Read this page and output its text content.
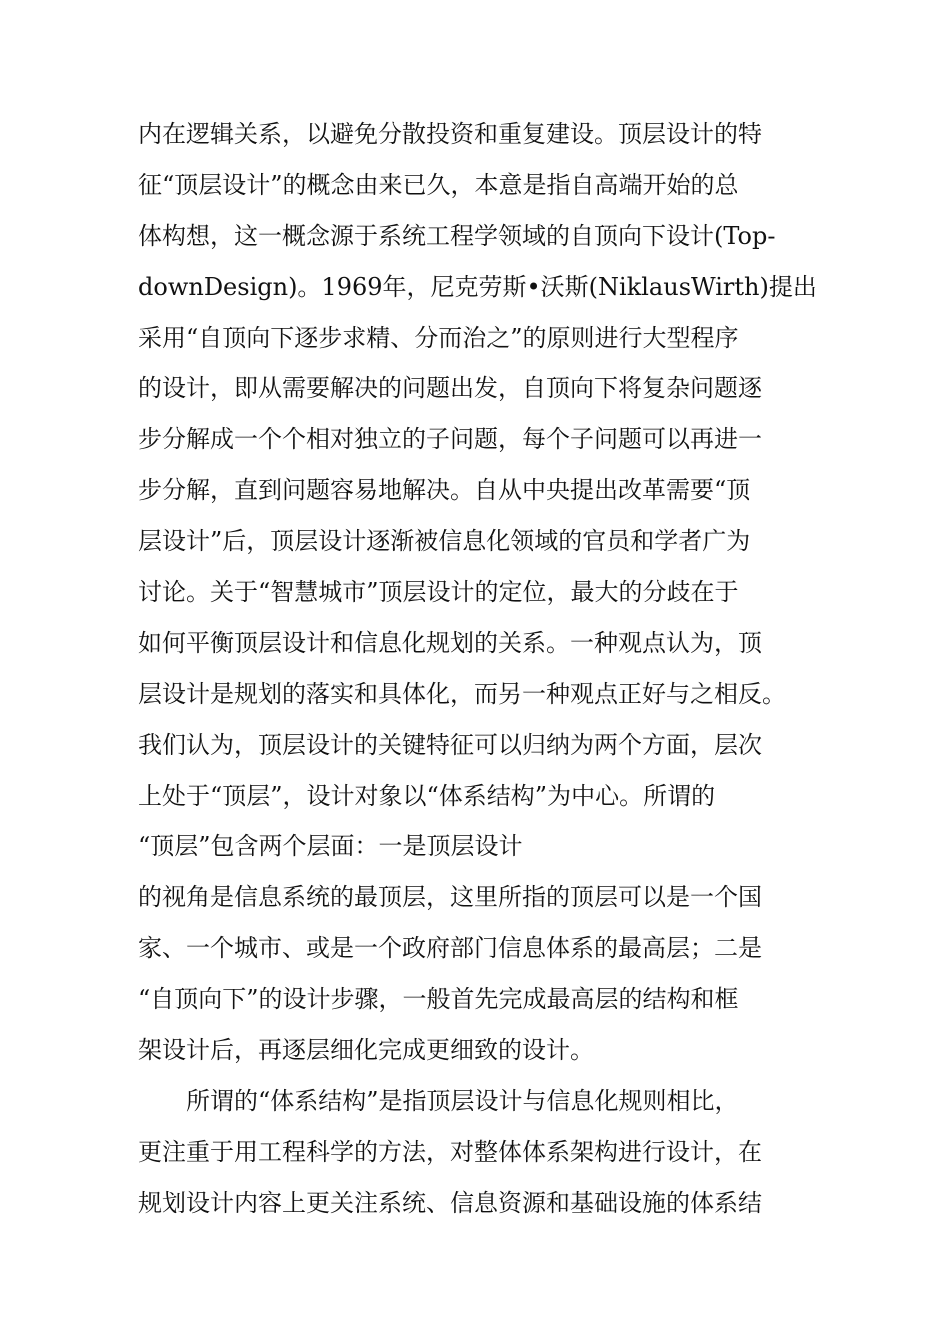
内在逻辑关系，以避免分散投资和重复建设。顶层设计的特
征“顶层设计”的概念由来已久，本意是指自高端开始的总
体构想，这一概念源于系统工程学领域的自顶向下设计(Top-
downDesign)。1969年，尼克劳斯•沃斯(NiklausWirth)提出
采用“自顶向下逐步求精、分而治之”的原则进行大型程序
的设计，即从需要解决的问题出发，自顶向下将复杂问题逐
步分解成一个个相对独立的子问题，每个子问题可以再进一
步分解，直到问题容易地解决。自从中央提出改革需要“顶
层设计”后，顶层设计逐渐被信息化领域的官员和学者广为
讨论。关于“智慧城市”顶层设计的定位，最大的分歧在于
如何平衡顶层设计和信息化规划的关系。一种观点认为，顶
层设计是规划的落实和具体化，而另一种观点正好与之相反。
我们认为，顶层设计的关键特征可以归纳为两个方面，层次
上处于“顶层”，设计对象以“体系结构”为中心。所谓的
“顶层”包含两个层面：一是顶层设计
的视角是信息系统的最顶层，这里所指的顶层可以是一个国
家、一个城市、或是一个政府部门信息体系的最高层；二是
“自顶向下”的设计步骤，一般首先完成最高层的结构和框
架设计后，再逐层细化完成更细致的设计。
所谓的“体系结构”是指顶层设计与信息化规则相比，
更注重于用工程科学的方法，对整体体系架构进行设计，在
规划设计内容上更关注系统、信息资源和基础设施的体系结
